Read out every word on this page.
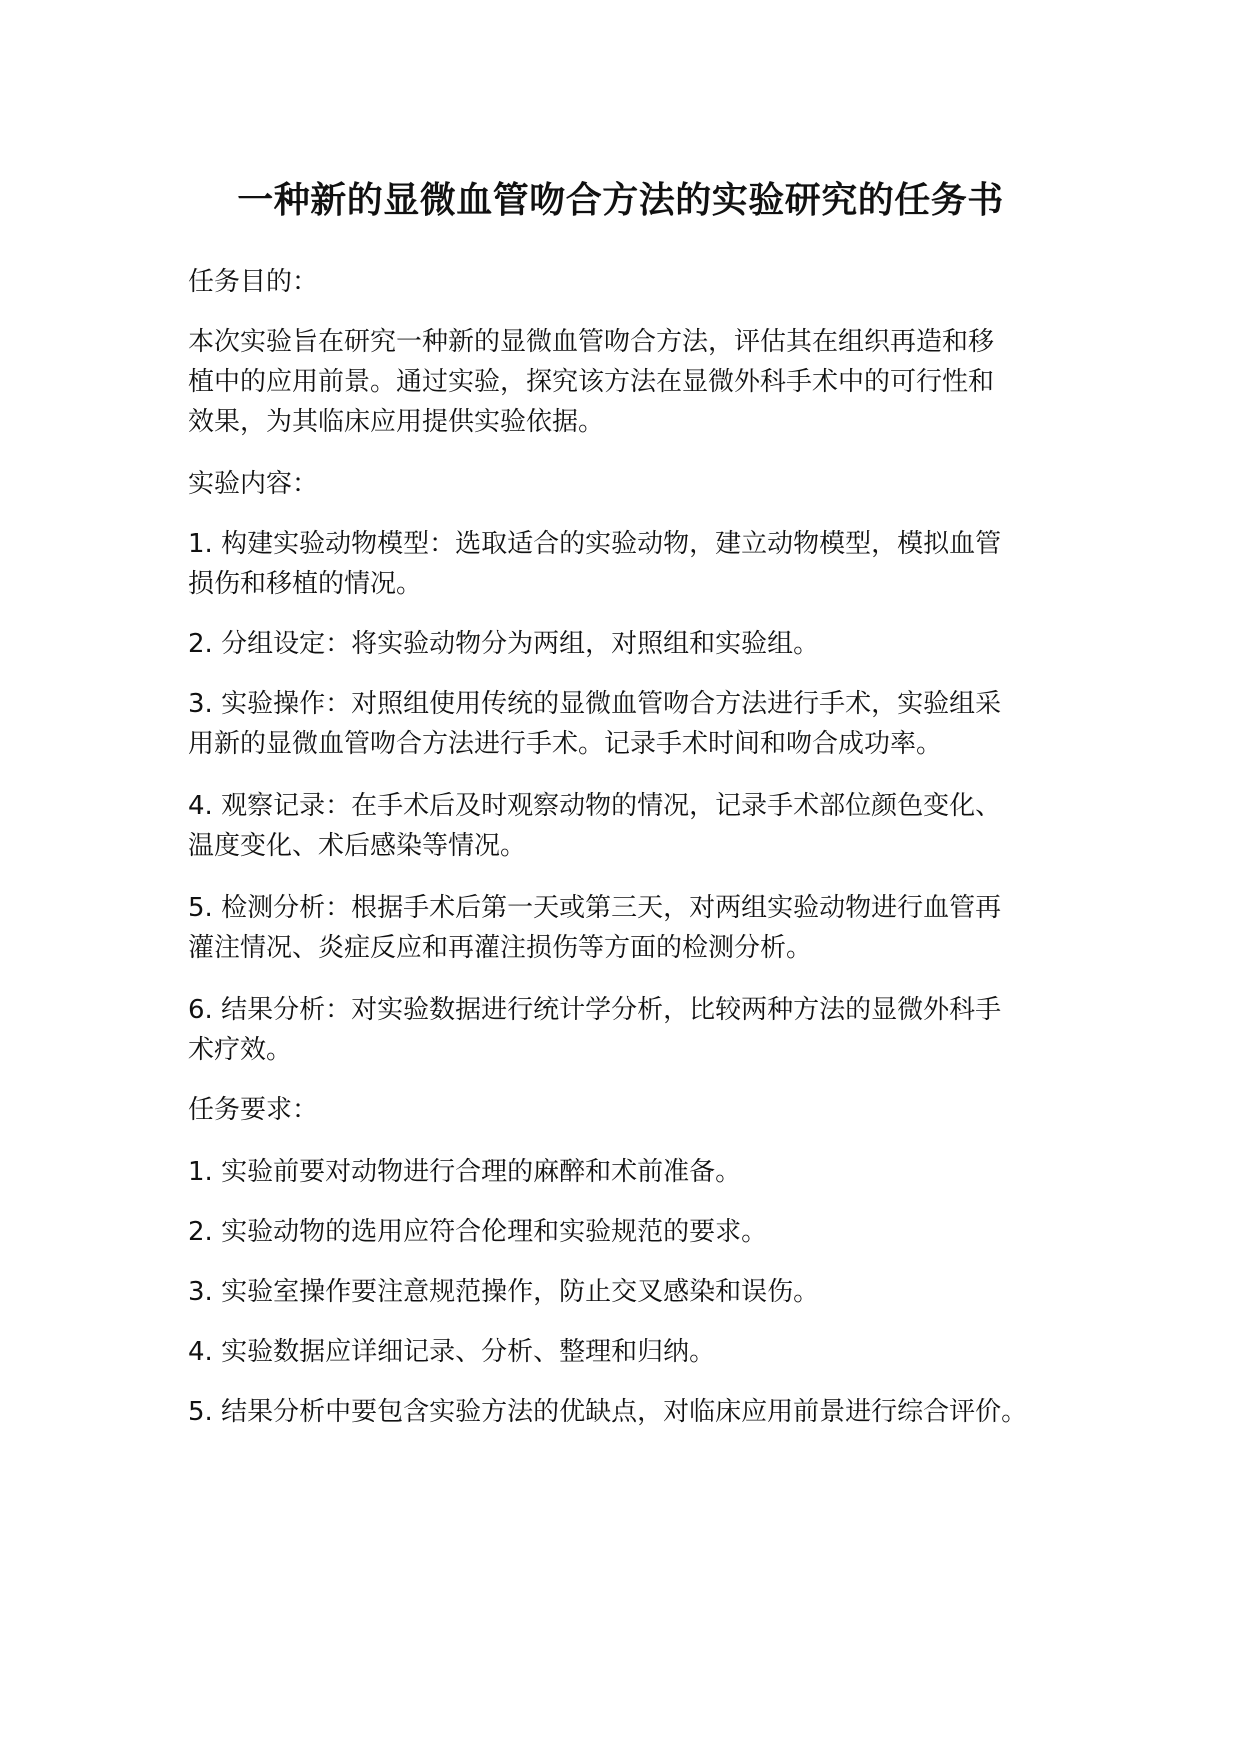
一种新的显微血管吻合方法的实验研究的任务书
任务目的：
本次实验旨在研究一种新的显微血管吻合方法，评估其在组织再造和移
植中的应用前景。通过实验，探究该方法在显微外科手术中的可行性和
效果，为其临床应用提供实验依据。
实验内容：
1. 构建实验动物模型：选取适合的实验动物，建立动物模型，模拟血管
损伤和移植的情况。
2. 分组设定：将实验动物分为两组，对照组和实验组。
3. 实验操作：对照组使用传统的显微血管吻合方法进行手术，实验组采
用新的显微血管吻合方法进行手术。记录手术时间和吻合成功率。
4. 观察记录：在手术后及时观察动物的情况，记录手术部位颜色变化、
温度变化、术后感染等情况。
5. 检测分析：根据手术后第一天或第三天，对两组实验动物进行血管再
灌注情况、炎症反应和再灌注损伤等方面的检测分析。
6. 结果分析：对实验数据进行统计学分析，比较两种方法的显微外科手
术疗效。
任务要求：
1. 实验前要对动物进行合理的麻醉和术前准备。
2. 实验动物的选用应符合伦理和实验规范的要求。
3. 实验室操作要注意规范操作，防止交叉感染和误伤。
4. 实验数据应详细记录、分析、整理和归纳。
5. 结果分析中要包含实验方法的优缺点，对临床应用前景进行综合评价。
